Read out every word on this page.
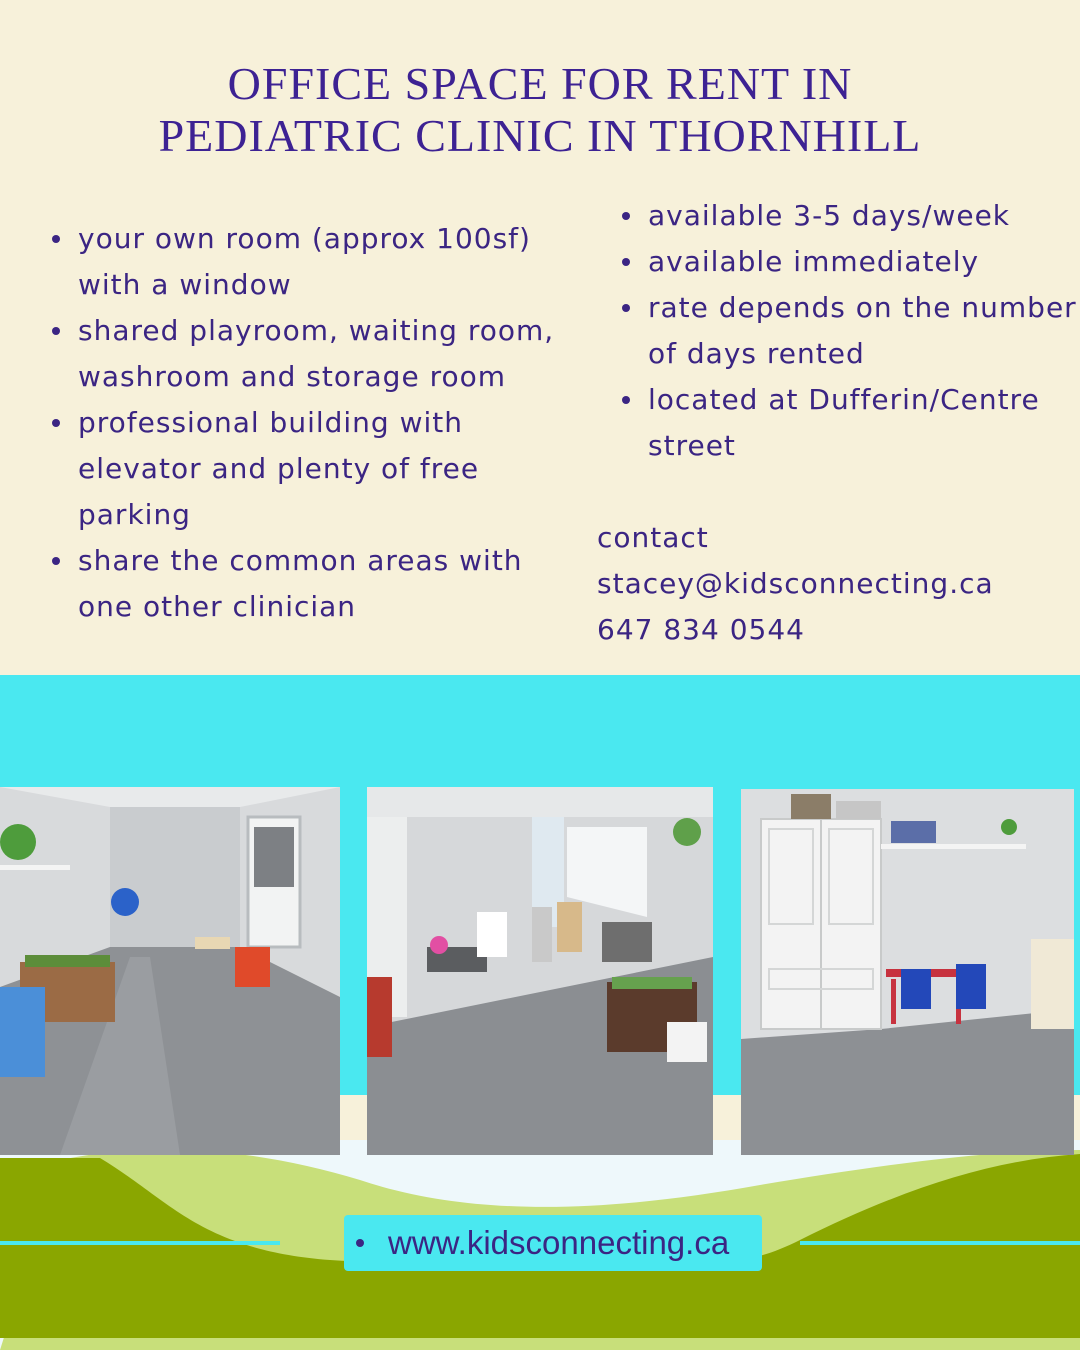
OFFICE SPACE FOR RENT IN
PEDIATRIC CLINIC IN THORNHILL
your own room (approx 100sf) with a window
shared playroom, waiting room, washroom and storage room
professional building with elevator and plenty of free parking
share the common areas with one other clinician
available 3-5 days/week
available immediately
rate depends on the number of days rented
located at Dufferin/Centre street
contact
stacey@kidsconnecting.ca
647 834 0544
www.kidsconnecting.ca
